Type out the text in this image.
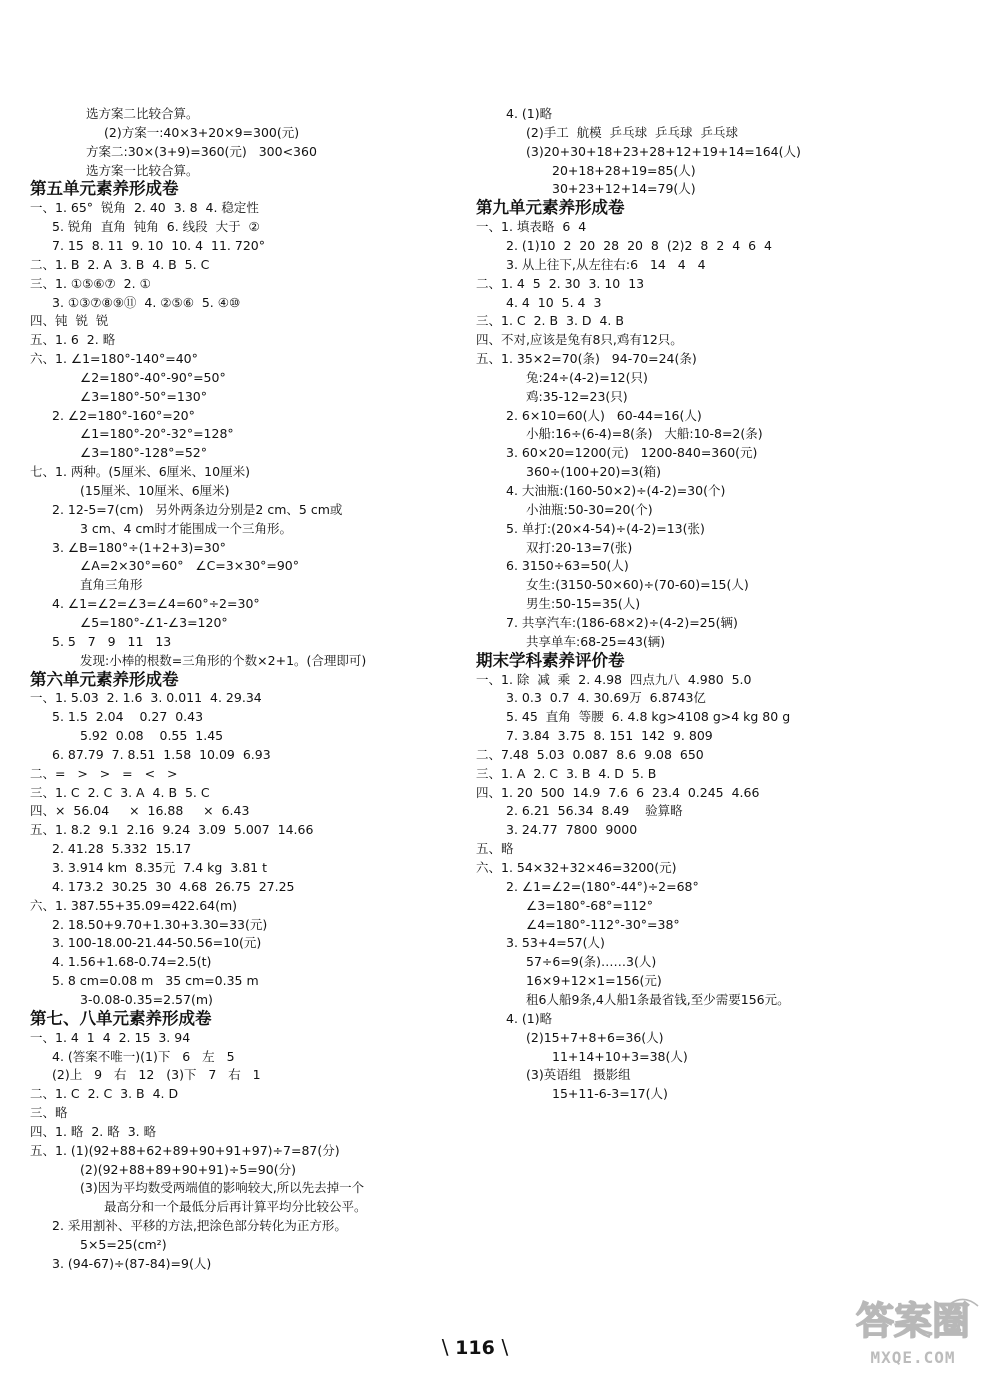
选方案二比较合算。
(2)方案一:40×3+20×9=300(元)
方案二:30×(3+9)=360(元)   300<360
选方案一比较合算。
第五单元素养形成卷
一、1. 65°  锐角  2. 40  3. 8  4. 稳定性
5. 锐角  直角  钝角  6. 线段  大于  ②
7. 15  8. 11  9. 10  10. 4  11. 720°
二、1. B  2. A  3. B  4. B  5. C
三、1. ①⑤⑥⑦  2. ①
3. ①③⑦⑧⑨⑪  4. ②⑤⑥  5. ④⑩
四、钝  锐  锐
五、1. 6  2. 略
六、1. ∠1=180°-140°=40°
∠2=180°-40°-90°=50°
∠3=180°-50°=130°
2. ∠2=180°-160°=20°
∠1=180°-20°-32°=128°
∠3=180°-128°=52°
七、1. 两种。(5厘米、6厘米、10厘米)
(15厘米、10厘米、6厘米)
2. 12-5=7(cm)   另外两条边分别是2 cm、5 cm或
3 cm、4 cm时才能围成一个三角形。
3. ∠B=180°÷(1+2+3)=30°
∠A=2×30°=60°   ∠C=3×30°=90°
直角三角形
4. ∠1=∠2=∠3=∠4=60°÷2=30°
∠5=180°-∠1-∠3=120°
5. 5   7   9   11   13
发现:小棒的根数=三角形的个数×2+1。(合理即可)
第六单元素养形成卷
一、1. 5.03  2. 1.6  3. 0.011  4. 29.34
5. 1.5  2.04    0.27  0.43
5.92  0.08    0.55  1.45
6. 87.79  7. 8.51  1.58  10.09  6.93
二、=   >   >   =   <   >
三、1. C  2. C  3. A  4. B  5. C
四、×  56.04     ×  16.88     ×  6.43
五、1. 8.2  9.1  2.16  9.24  3.09  5.007  14.66
2. 41.28  5.332  15.17
3. 3.914 km  8.35元  7.4 kg  3.81 t
4. 173.2  30.25  30  4.68  26.75  27.25
六、1. 387.55+35.09=422.64(m)
2. 18.50+9.70+1.30+3.30=33(元)
3. 100-18.00-21.44-50.56=10(元)
4. 1.56+1.68-0.74=2.5(t)
5. 8 cm=0.08 m   35 cm=0.35 m
3-0.08-0.35=2.57(m)
第七、八单元素养形成卷
一、1. 4  1  4  2. 15  3. 94
4. (答案不唯一)(1)下   6   左   5
(2)上   9   右   12   (3)下   7   右   1
二、1. C  2. C  3. B  4. D
三、略
四、1. 略  2. 略  3. 略
五、1. (1)(92+88+62+89+90+91+97)÷7=87(分)
(2)(92+88+89+90+91)÷5=90(分)
(3)因为平均数受两端值的影响较大,所以先去掉一个
最高分和一个最低分后再计算平均分比较公平。
2. 采用割补、平移的方法,把涂色部分转化为正方形。
5×5=25(cm²)
3. (94-67)÷(87-84)=9(人)
4. (1)略
(2)手工  航模  乒乓球  乒乓球  乒乓球
(3)20+30+18+23+28+12+19+14=164(人)
20+18+28+19=85(人)
30+23+12+14=79(人)
第九单元素养形成卷
一、1. 填表略  6  4
2. (1)10  2  20  28  20  8  (2)2  8  2  4  6  4
3. 从上往下,从左往右:6   14   4   4
二、1. 4  5  2. 30  3. 10  13
4. 4  10  5. 4  3
三、1. C  2. B  3. D  4. B
四、不对,应该是兔有8只,鸡有12只。
五、1. 35×2=70(条)   94-70=24(条)
兔:24÷(4-2)=12(只)
鸡:35-12=23(只)
2. 6×10=60(人)   60-44=16(人)
小船:16÷(6-4)=8(条)   大船:10-8=2(条)
3. 60×20=1200(元)   1200-840=360(元)
360÷(100+20)=3(箱)
4. 大油瓶:(160-50×2)÷(4-2)=30(个)
小油瓶:50-30=20(个)
5. 单打:(20×4-54)÷(4-2)=13(张)
双打:20-13=7(张)
6. 3150÷63=50(人)
女生:(3150-50×60)÷(70-60)=15(人)
男生:50-15=35(人)
7. 共享汽车:(186-68×2)÷(4-2)=25(辆)
共享单车:68-25=43(辆)
期末学科素养评价卷
一、1. 除  减  乘  2. 4.98  四点九八  4.980  5.0
3. 0.3  0.7  4. 30.69万  6.8743亿
5. 45  直角  等腰  6. 4.8 kg>4108 g>4 kg 80 g
7. 3.84  3.75  8. 151  142  9. 809
二、7.48  5.03  0.087  8.6  9.08  650
三、1. A  2. C  3. B  4. D  5. B
四、1. 20  500  14.9  7.6  6  23.4  0.245  4.66
2. 6.21  56.34  8.49    验算略
3. 24.77  7800  9000
五、略
六、1. 54×32+32×46=3200(元)
2. ∠1=∠2=(180°-44°)÷2=68°
∠3=180°-68°=112°
∠4=180°-112°-30°=38°
3. 53+4=57(人)
57÷6=9(条)……3(人)
16×9+12×1=156(元)
租6人船9条,4人船1条最省钱,至少需要156元。
4. (1)略
(2)15+7+8+6=36(人)
11+14+10+3=38(人)
(3)英语组   摄影组
15+11-6-3=17(人)
\ 116 \
答案圈
MXQE.COM
